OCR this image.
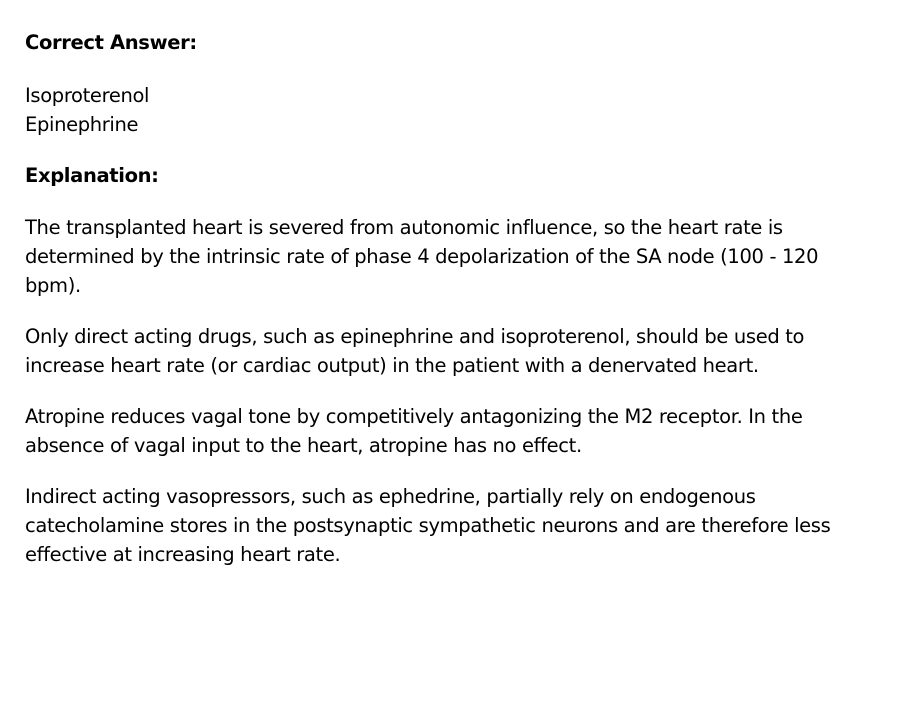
Correct Answer:

Isoproterenol
Epinephrine

Explanation:

The transplanted heart is severed from autonomic influence, so the heart rate is determined by the intrinsic rate of phase 4 depolarization of the SA node (100 - 120 bpm).

Only direct acting drugs, such as epinephrine and isoproterenol, should be used to increase heart rate (or cardiac output) in the patient with a denervated heart.

Atropine reduces vagal tone by competitively antagonizing the M2 receptor. In the absence of vagal input to the heart, atropine has no effect.

Indirect acting vasopressors, such as ephedrine, partially rely on endogenous catecholamine stores in the postsynaptic sympathetic neurons and are therefore less effective at increasing heart rate.
